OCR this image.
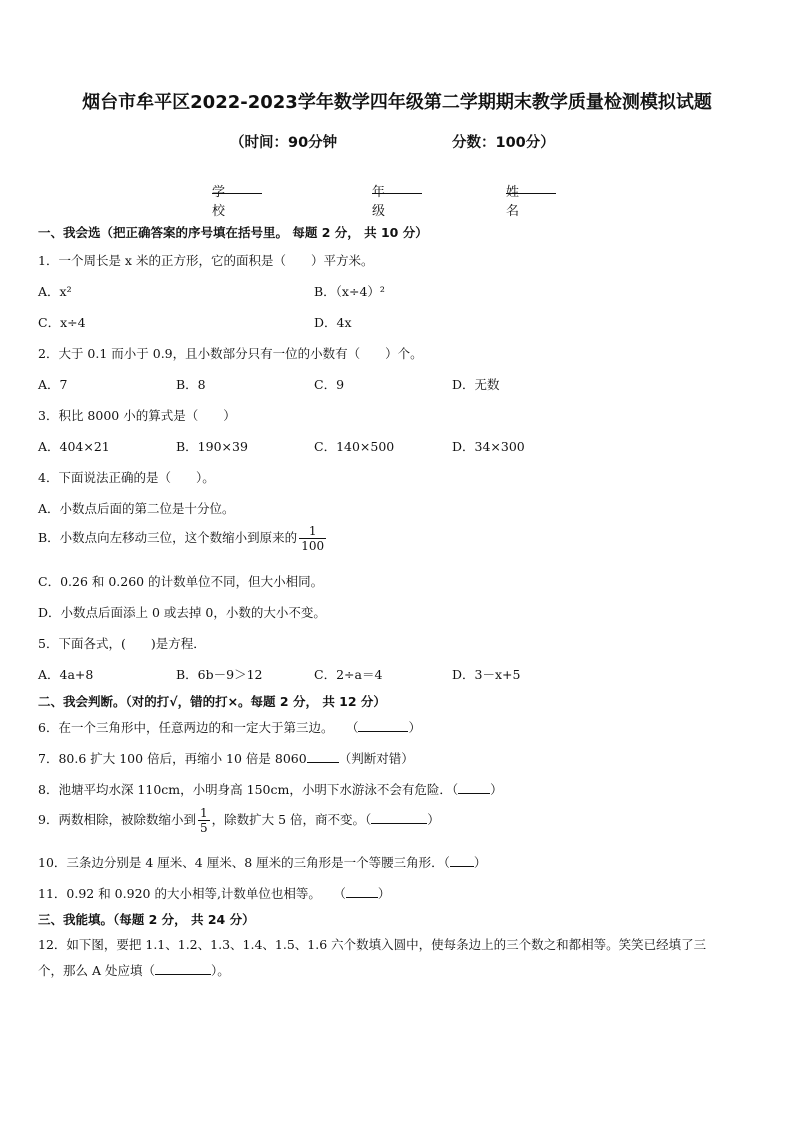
烟台市牟平区2022-2023学年数学四年级第二学期期末教学质量检测模拟试题
（时间：90分钟	分数：100分）
学校
年级
姓名
一、我会选（把正确答案的序号填在括号里。 每题 2 分， 共 10 分）
1．一个周长是 x 米的正方形，它的面积是（　　）平方米。
A．x²	B．（x÷4）²
C．x÷4	D．4x
2．大于 0.1 而小于 0.9，且小数部分只有一位的小数有（　　）个。
A．7	B．8	C．9	D．无数
3．积比 8000 小的算式是（　　）
A．404×21	B．190×39	C．140×500	D．34×300
4．下面说法正确的是（　　）。
A．小数点后面的第二位是十分位。
B．小数点向左移动三位，这个数缩小到原来的 $\frac{1}{100}$
C．0.26 和 0.260 的计数单位不同，但大小相同。
D．小数点后面添上 0 或去掉 0，小数的大小不变。
5．下面各式，(　　)是方程．
A．4a+8	B．6b－9＞12	C．2÷a＝4	D．3－x+5
二、我会判断。（对的打√，错的打×。每题 2 分， 共 12 分）
6．在一个三角形中，任意两边的和一定大于第三边。　　（	）
7．80.6 扩大 100 倍后，再缩小 10 倍是 8060	（判断对错）
8．池塘平均水深 110cm，小明身高 150cm，小明下水游泳不会有危险．（	）
9．两数相除，被除数缩小到 $\frac{1}{5}$ ，除数扩大 5 倍，商不变。（	）
10．三条边分别是 4 厘米、4 厘米、8 厘米的三角形是一个等腰三角形．（ ）
11．0.92 和 0.920 的大小相等,计数单位也相等。　　（	）
三、我能填。（每题 2 分， 共 24 分）
12．如下图，要把 1.1、1.2、1.3、1.4、1.5、1.6 六个数填入圆中，使每条边上的三个数之和都相等。笑笑已经填了三
个，那么 A 处应填（	）。
